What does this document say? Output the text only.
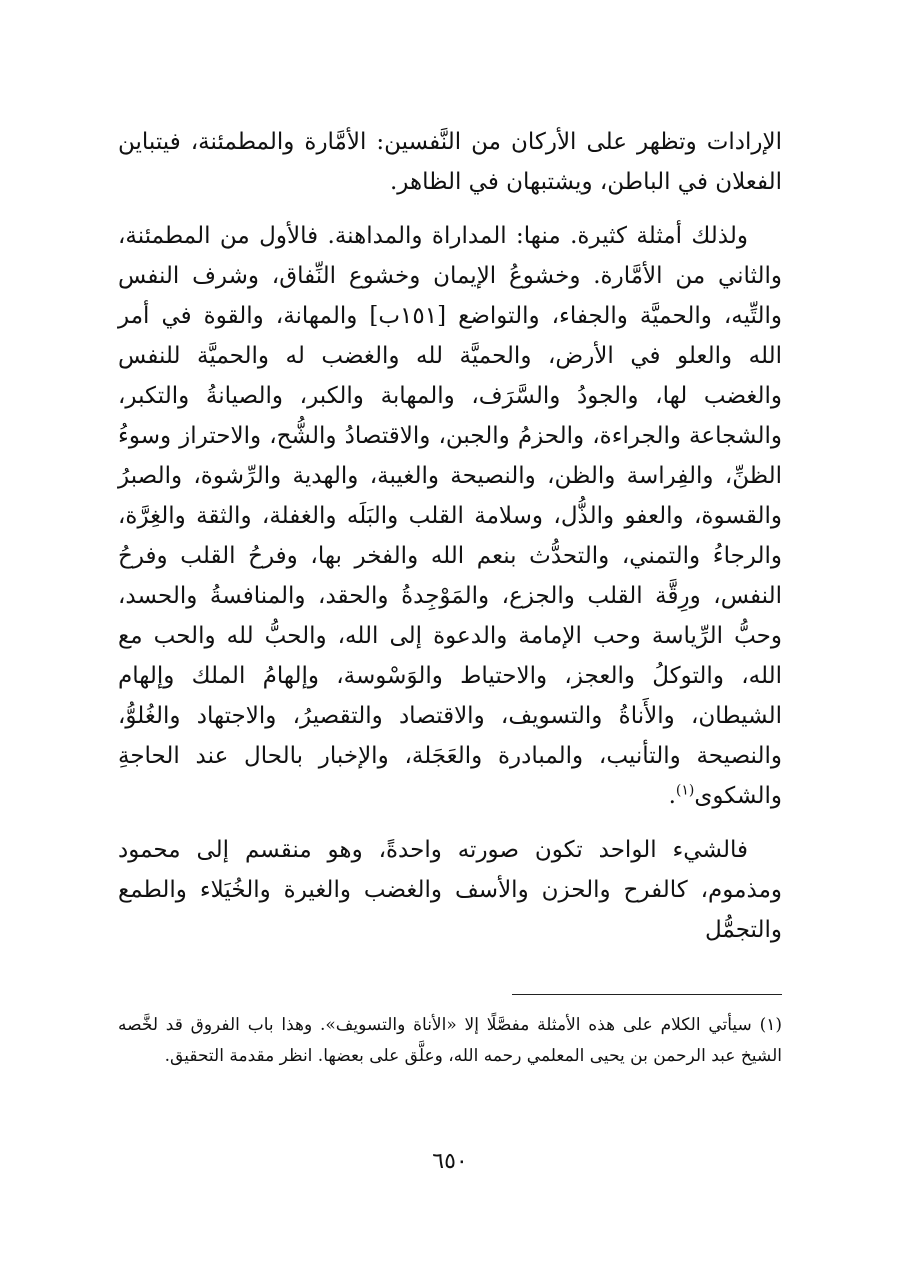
الإرادات وتظهر على الأركان من النَّفسين: الأمَّارة والمطمئنة، فيتباين الفعلان في الباطن، ويشتبهان في الظاهر.

ولذلك أمثلة كثيرة. منها: المداراة والمداهنة. فالأول من المطمئنة، والثاني من الأمَّارة. وخشوعُ الإيمان وخشوع النِّفاق، وشرف النفس والتِّيه، والحميَّة والجفاء، والتواضع [١٥١ب] والمهانة، والقوة في أمر الله والعلو في الأرض، والحميَّة لله والغضب له والحميَّة للنفس والغضب لها، والجودُ والسَّرَف، والمهابة والكبر، والصيانةُ والتكبر، والشجاعة والجراءة، والحزمُ والجبن، والاقتصادُ والشُّح، والاحتراز وسوءُ الظنِّ، والفِراسة والظن، والنصيحة والغيبة، والهدية والرِّشوة، والصبرُ والقسوة، والعفو والذُّل، وسلامة القلب والبَلَه والغفلة، والثقة والغِرَّة، والرجاءُ والتمني، والتحدُّث بنعم الله والفخر بها، وفرحُ القلب وفرحُ النفس، ورِقَّة القلب والجزع، والمَوْجِدةُ والحقد، والمنافسةُ والحسد، وحبُّ الرِّياسة وحب الإمامة والدعوة إلى الله، والحبُّ لله والحب مع الله، والتوكلُ والعجز، والاحتياط والوَسْوسة، وإلهامُ الملك وإلهام الشيطان، والأَناةُ والتسويف، والاقتصاد والتقصيرُ، والاجتهاد والغُلوُّ، والنصيحة والتأنيب، والمبادرة والعَجَلة، والإخبار بالحال عند الحاجةِ والشكوى$^{(١)}$.

فالشيء الواحد تكون صورته واحدةً، وهو منقسم إلى محمود ومذموم، كالفرح والحزن والأسف والغضب والغيرة والخُيَلاء والطمع والتجمُّل

(١) سيأتي الكلام على هذه الأمثلة مفصَّلًا إلا «الأناة والتسويف». وهذا باب الفروق قد لخَّصه الشيخ عبد الرحمن بن يحيى المعلمي رحمه الله، وعلَّق على بعضها. انظر مقدمة التحقيق.

٦٥٠
